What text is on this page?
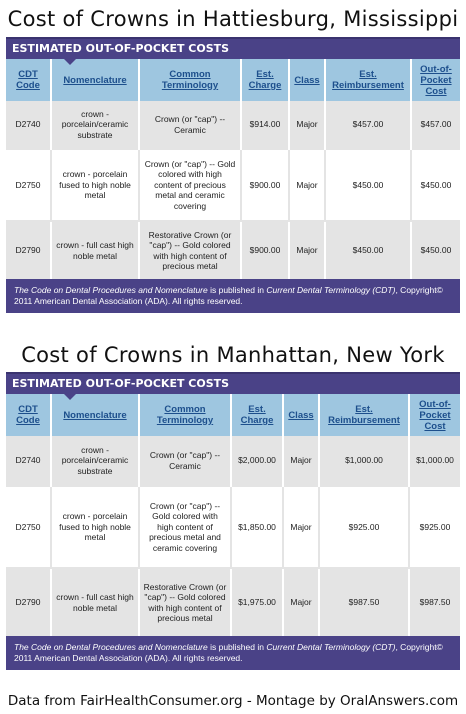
Cost of Crowns in Hattiesburg, Mississippi
ESTIMATED OUT-OF-POCKET COSTS
CDT Code	Nomenclature	Common Terminology	Est. Charge	Class	Est. Reimbursement	Out-of-Pocket Cost
D2740	crown - porcelain/ceramic substrate	Crown (or "cap") -- Ceramic	$914.00	Major	$457.00	$457.00
D2750	crown - porcelain fused to high noble metal	Crown (or "cap") -- Gold colored with high content of precious metal and ceramic covering	$900.00	Major	$450.00	$450.00
D2790	crown - full cast high noble metal	Restorative Crown (or "cap") -- Gold colored with high content of precious metal	$900.00	Major	$450.00	$450.00
The Code on Dental Procedures and Nomenclature is published in Current Dental Terminology (CDT), Copyright© 2011 American Dental Association (ADA). All rights reserved.
Cost of Crowns in Manhattan, New York
ESTIMATED OUT-OF-POCKET COSTS
CDT Code	Nomenclature	Common Terminology	Est. Charge	Class	Est. Reimbursement	Out-of-Pocket Cost
D2740	crown - porcelain/ceramic substrate	Crown (or "cap") -- Ceramic	$2,000.00	Major	$1,000.00	$1,000.00
D2750	crown - porcelain fused to high noble metal	Crown (or "cap") -- Gold colored with high content of precious metal and ceramic covering	$1,850.00	Major	$925.00	$925.00
D2790	crown - full cast high noble metal	Restorative Crown (or "cap") -- Gold colored with high content of precious metal	$1,975.00	Major	$987.50	$987.50
The Code on Dental Procedures and Nomenclature is published in Current Dental Terminology (CDT), Copyright© 2011 American Dental Association (ADA). All rights reserved.
Data from FairHealthConsumer.org - Montage by OralAnswers.com
